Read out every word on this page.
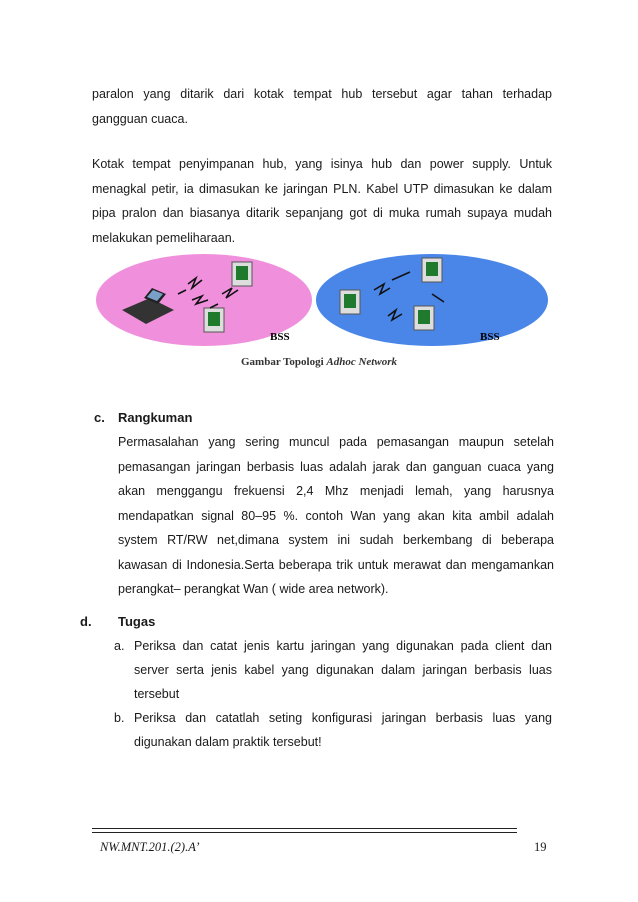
paralon yang ditarik dari kotak tempat hub tersebut agar tahan terhadap
gangguan cuaca.
Kotak tempat penyimpanan hub, yang isinya hub dan power supply. Untuk
menagkal petir, ia dimasukan ke jaringan PLN. Kabel UTP dimasukan ke dalam
pipa pralon dan biasanya ditarik sepanjang got di muka rumah supaya mudah
melakukan pemeliharaan.
BSS	BSS
Gambar Topologi Adhoc Network
c. Rangkuman
Permasalahan yang sering muncul pada pemasangan maupun setelah
pemasangan jaringan berbasis luas adalah jarak dan ganguan cuaca yang
akan menggangu frekuensi 2,4 Mhz menjadi lemah, yang harusnya
mendapatkan signal 80–95 %. contoh Wan yang akan kita ambil adalah
system RT/RW net,dimana system ini sudah berkembang di beberapa
kawasan di Indonesia.Serta beberapa trik untuk merawat dan mengamankan
perangkat– perangkat Wan ( wide area network).
d. Tugas
a. Periksa dan catat jenis kartu jaringan yang digunakan pada client dan
server serta jenis kabel yang digunakan dalam jaringan berbasis luas
tersebut
b. Periksa dan catatlah seting konfigurasi jaringan berbasis luas yang
digunakan dalam praktik tersebut!
NW.MNT.201.(2).A’	19
